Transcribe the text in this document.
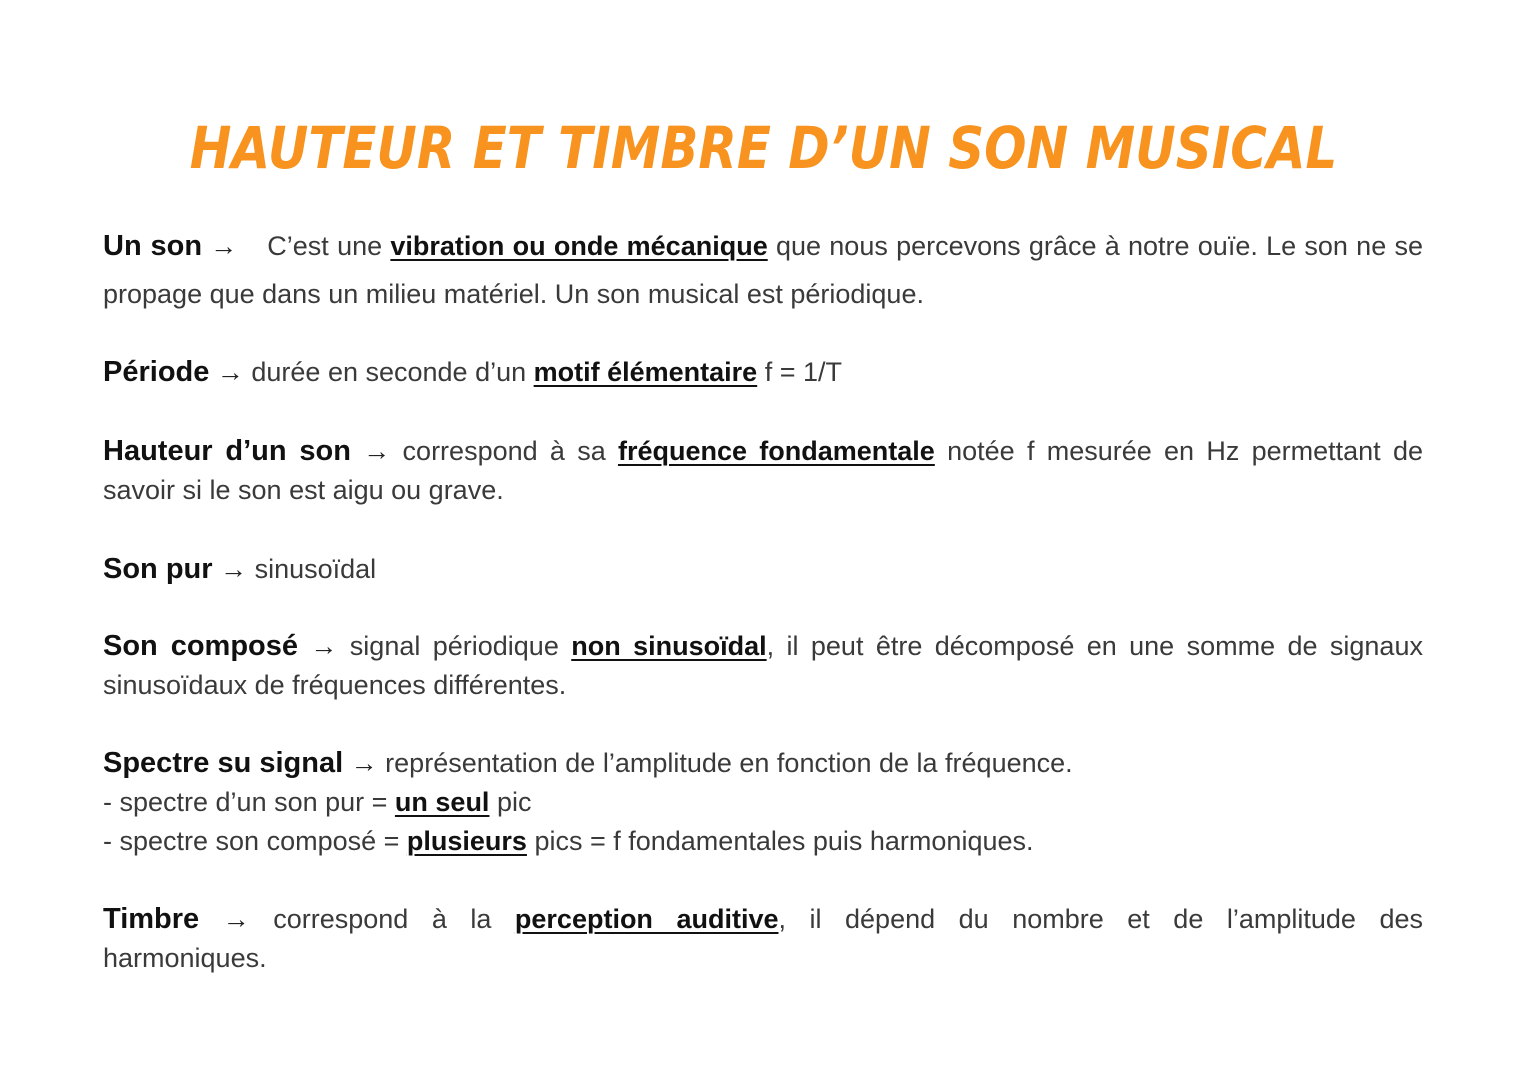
HAUTEUR ET TIMBRE D’UN SON MUSICAL
Un son → C’est une vibration ou onde mécanique que nous percevons grâce à notre ouïe. Le son ne se propage que dans un milieu matériel. Un son musical est périodique.
Période → durée en seconde d’un motif élémentaire f = 1/T
Hauteur d’un son → correspond à sa fréquence fondamentale notée f mesurée en Hz permettant de savoir si le son est aigu ou grave.
Son pur → sinusoïdal
Son composé → signal périodique non sinusoïdal, il peut être décomposé en une somme de signaux sinusoïdaux de fréquences différentes.
Spectre su signal → représentation de l’amplitude en fonction de la fréquence.
- spectre d’un son pur = un seul pic
- spectre son composé = plusieurs pics = f fondamentales puis harmoniques.
Timbre → correspond à la perception auditive, il dépend du nombre et de l’amplitude des harmoniques.
